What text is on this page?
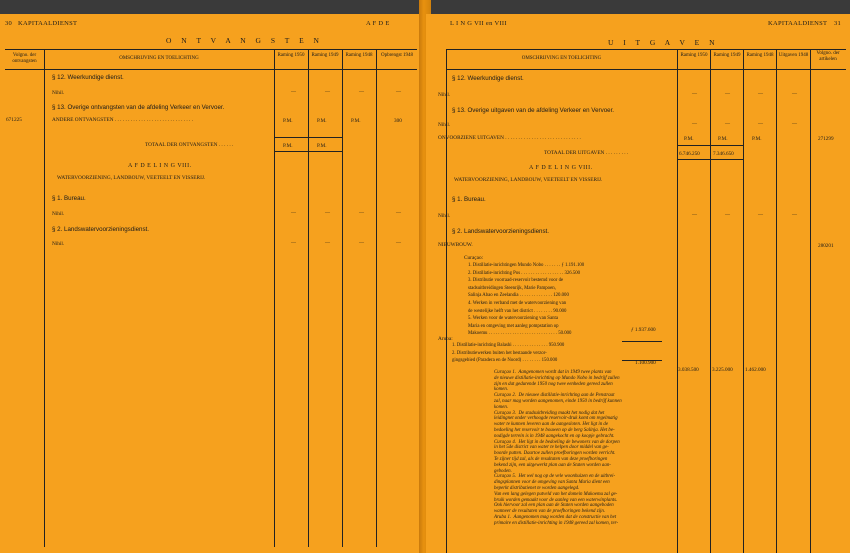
30 KAPITAALDIENST	A F D E
O N T V A N G S T E N
Volgno. der ontvangsten
OMSCHRIJVING EN TOELICHTING
Raming 1950	Raming 1949	Raming 1948	Opbrengst 1948
§ 12. Weerkundige dienst.
Nihil.	—	—	—	—
§ 13. Overige ontvangsten van de afdeling Verkeer en Vervoer.
671225	ANDERE ONTVANGSTEN . . . . . . . . . . . . . . . . . . . . . . . . . . . . . .	P.M.	P.M.	P.M.	300
TOTAAL DER ONTVANGSTEN . . . . . .	P.M.	P.M.
A F D E L I N G VIII.
WATERVOORZIENING, LANDBOUW, VEETEELT EN VISSERIJ.
§ 1. Bureau.
Nihil.	—	—	—	—
§ 2. Landswatervoorzieningsdienst.
Nihil.	—	—	—	—
L I N G VII en VIII	KAPITAALDIENST 31
U I T G A V E N
OMSCHRIJVING EN TOELICHTING
Raming 1950	Raming 1949	Raming 1948	Uitgaven 1948	Volgno. der artikelen
§ 12. Weerkundige dienst.
Nihil.	—	—	—	—
§ 13. Overige uitgaven van de afdeling Verkeer en Vervoer.
Nihil.	—	—	—	—
ONVOORZIENE UITGAVEN . . . . . . . . . . . . . . . . . . . . . . . . . . . . .	P.M.	P.M.	P.M.	271299
TOTAAL DER UITGAVEN . . . . . . . . .	6.746.250	7.346.650
A F D E L I N G VIII.
WATERVOORZIENING, LANDBOUW, VEETEELT EN VISSERIJ.
§ 1. Bureau.
Nihil.	—	—	—	—
§ 2. Landswatervoorzieningsdienst.
NIEUWBOUW.	280201
Curaçao:
1. Distillatie-inrichtingen Mundo Nobo . . . . . . . ƒ 1.191.100
2. Distillatie-inrichting Pos . . . . . . . . . . . . . . . . . . 326.500
3. Distributie voorraad-reservoir bestemd voor de
stadsuitbreidingen Steenrijk, Marie Pampoen,
Salinja Abao en Zeelandia . . . . . . . . . . . . . . 120.000
4. Werken in verband met de watervoorziening van
de westelijke helft van het district . . . . . . . . 90.000
5. Werken voor de watervoorziening van Santa
Maria en omgeving met aanleg pompstation op
Makoemu . . . . . . . . . . . . . . . . . . . . . . . . . . . . . 50.000
ƒ 1.937.600
Aruba:
1. Distillatie-inrichting Balashi . . . . . . . . . . . . . . . 950.900
2. Distributiewerken buiten het bestaande verzor-
gingsgebied (Paradera en de Noord) . . . . . . . . 150.000	1.100.900
3.038.500	3.225.000 1.462.000
Curaçao 1.  Aangenomen wordt dat in 1949 twee plants van
de nieuwe distillatie-inrichting op Mundo Nobo in bedrijf zullen
zijn en dat gedurende 1950 nog twee eenheden gereed zullen
komen.
Curaçao 2.  De nieuwe distillatie-inrichting aan de Penstraat
zal, naar mag worden aangenomen, einde 1950 in bedrijf kunnen
komen.
Curaçao 3.  De stadsuitbreiding maakt het nodig dat het
leidingnet onder verhoogde reservoir-druk komt om regelmatig
water te kunnen leveren aan de aangesloten. Het ligt in de
bedoeling het reservoir te bouwen op de berg Salinja. Het be-
nodigde terrein is in 1948 aangekocht en op koopje gebracht.
Curaçao 4.  Het ligt in de bedoeling de bewoners van de dorpen
in het 5de district van water te helpen door middel van ge-
boorde putten. Daartoe zullen proefboringen worden verricht.
Te zijner tijd zal, als de resultaten van deze proefboringen
bekend zijn, een uitgewerkt plan aan de Staten worden aan-
geboden.
Curaçao 5.  Het wel nog op de vele woonhuizen en de uitbrei-
dingsplannen voor de omgeving van Santa Maria dient een
beperkt distributienet te worden aangelegd.
Van een lang gelegen putveld van het domein Makoemu zal ge-
bruik worden gemaakt voor de aanleg van een waterwinplants.
Ook hiervoor zal een plan aan de Staten worden aangeboden
wanneer de resultaten van de proefboringen bekend zijn.
Aruba 1.  Aangenomen mag worden dat de constructie van het
primaire en distillatie-inrichting in 1948 gereed zal komen, ter-
